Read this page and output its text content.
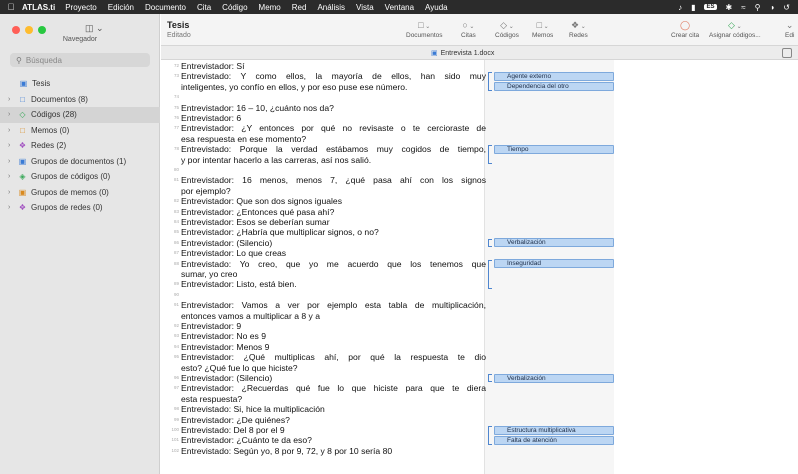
ATLAS.ti Proyecto Edición Documento Cita Código Memo Red Análisis Vista Ventana Ayuda	♪ ▮	ES ✱ ≈ ⚲ ◑ ↺
◫ ⌄
Navegador
⚲ Búsqueda
▣ Tesis
›	□ Documentos (8)
›	◇ Códigos (28)
›	□ Memos (0)
›	❖ Redes (2)
›	▣ Grupos de documentos (1)
›	◈ Grupos de códigos (0)
›	▣ Grupos de memos (0)
›	❖ Grupos de redes (0)
Tesis
Editado
□ ⌄
Documentos
○ ⌄
Citas
◇ ⌄
Códigos
□ ⌄
Memos
❖ ⌄
Redes
◯
Crear cita
◇ ⌄
Asignar códigos...
⌄
Edi
▣ Entrevista 1.docx
72 Entrevistador: Sí
73 Entrevistado: Y como ellos, la mayoría de ellos, han sido muy
inteligentes, yo confío en ellos, y por eso puse ese número.
74
75 Entrevistador: 16 – 10, ¿cuánto nos da?
76 Entrevistador: 6
77 Entrevistador: ¿Y entonces por qué no revisaste o te cercioraste de
esa respuesta en ese momento?
78 Entrevistado: Porque la verdad estábamos muy cogidos de tiempo,
y por intentar hacerlo a las carreras, así nos salió.
80
81 Entrevistador: 16 menos, menos 7, ¿qué pasa ahí con los signos
por ejemplo?
82 Entrevistador: Que son dos signos iguales
83 Entrevistador: ¿Entonces qué pasa ahí?
84 Entrevistador: Esos se deberían sumar
85 Entrevistador: ¿Habría que multiplicar signos, o no?
86 Entrevistador: (Silencio)
87 Entrevistador: Lo que creas
88 Entrevistado: Yo creo, que yo me acuerdo que los tenemos que
sumar, yo creo
89 Entrevistador: Listo, está bien.
90
91 Entrevistador: Vamos a ver por ejemplo esta tabla de multiplicación,
entonces vamos a multiplicar a 8 y a
92 Entrevistador: 9
93 Entrevistador: No es 9
94 Entrevistador: Menos 9
95 Entrevistador: ¿Qué multiplicas ahí, por qué la respuesta te dio
esto? ¿Qué fue lo que hiciste?
96 Entrevistador: (Silencio)
97 Entrevistador: ¿Recuerdas qué fue lo que hiciste para que te diera
esta respuesta?
98 Entrevistado: Si, hice la multiplicación
99 Entrevistador: ¿De quiénes?
100 Entrevistado: Del 8 por el 9
101 Entrevistador: ¿Cuánto te da eso?
102 Entrevistado: Según yo, 8 por 9, 72, y 8 por 10 sería 80
Agente externo
Dependencia del otro
Tiempo
Verbalización
Inseguridad
Verbalización
Estructura multiplicativa
Falta de atención
